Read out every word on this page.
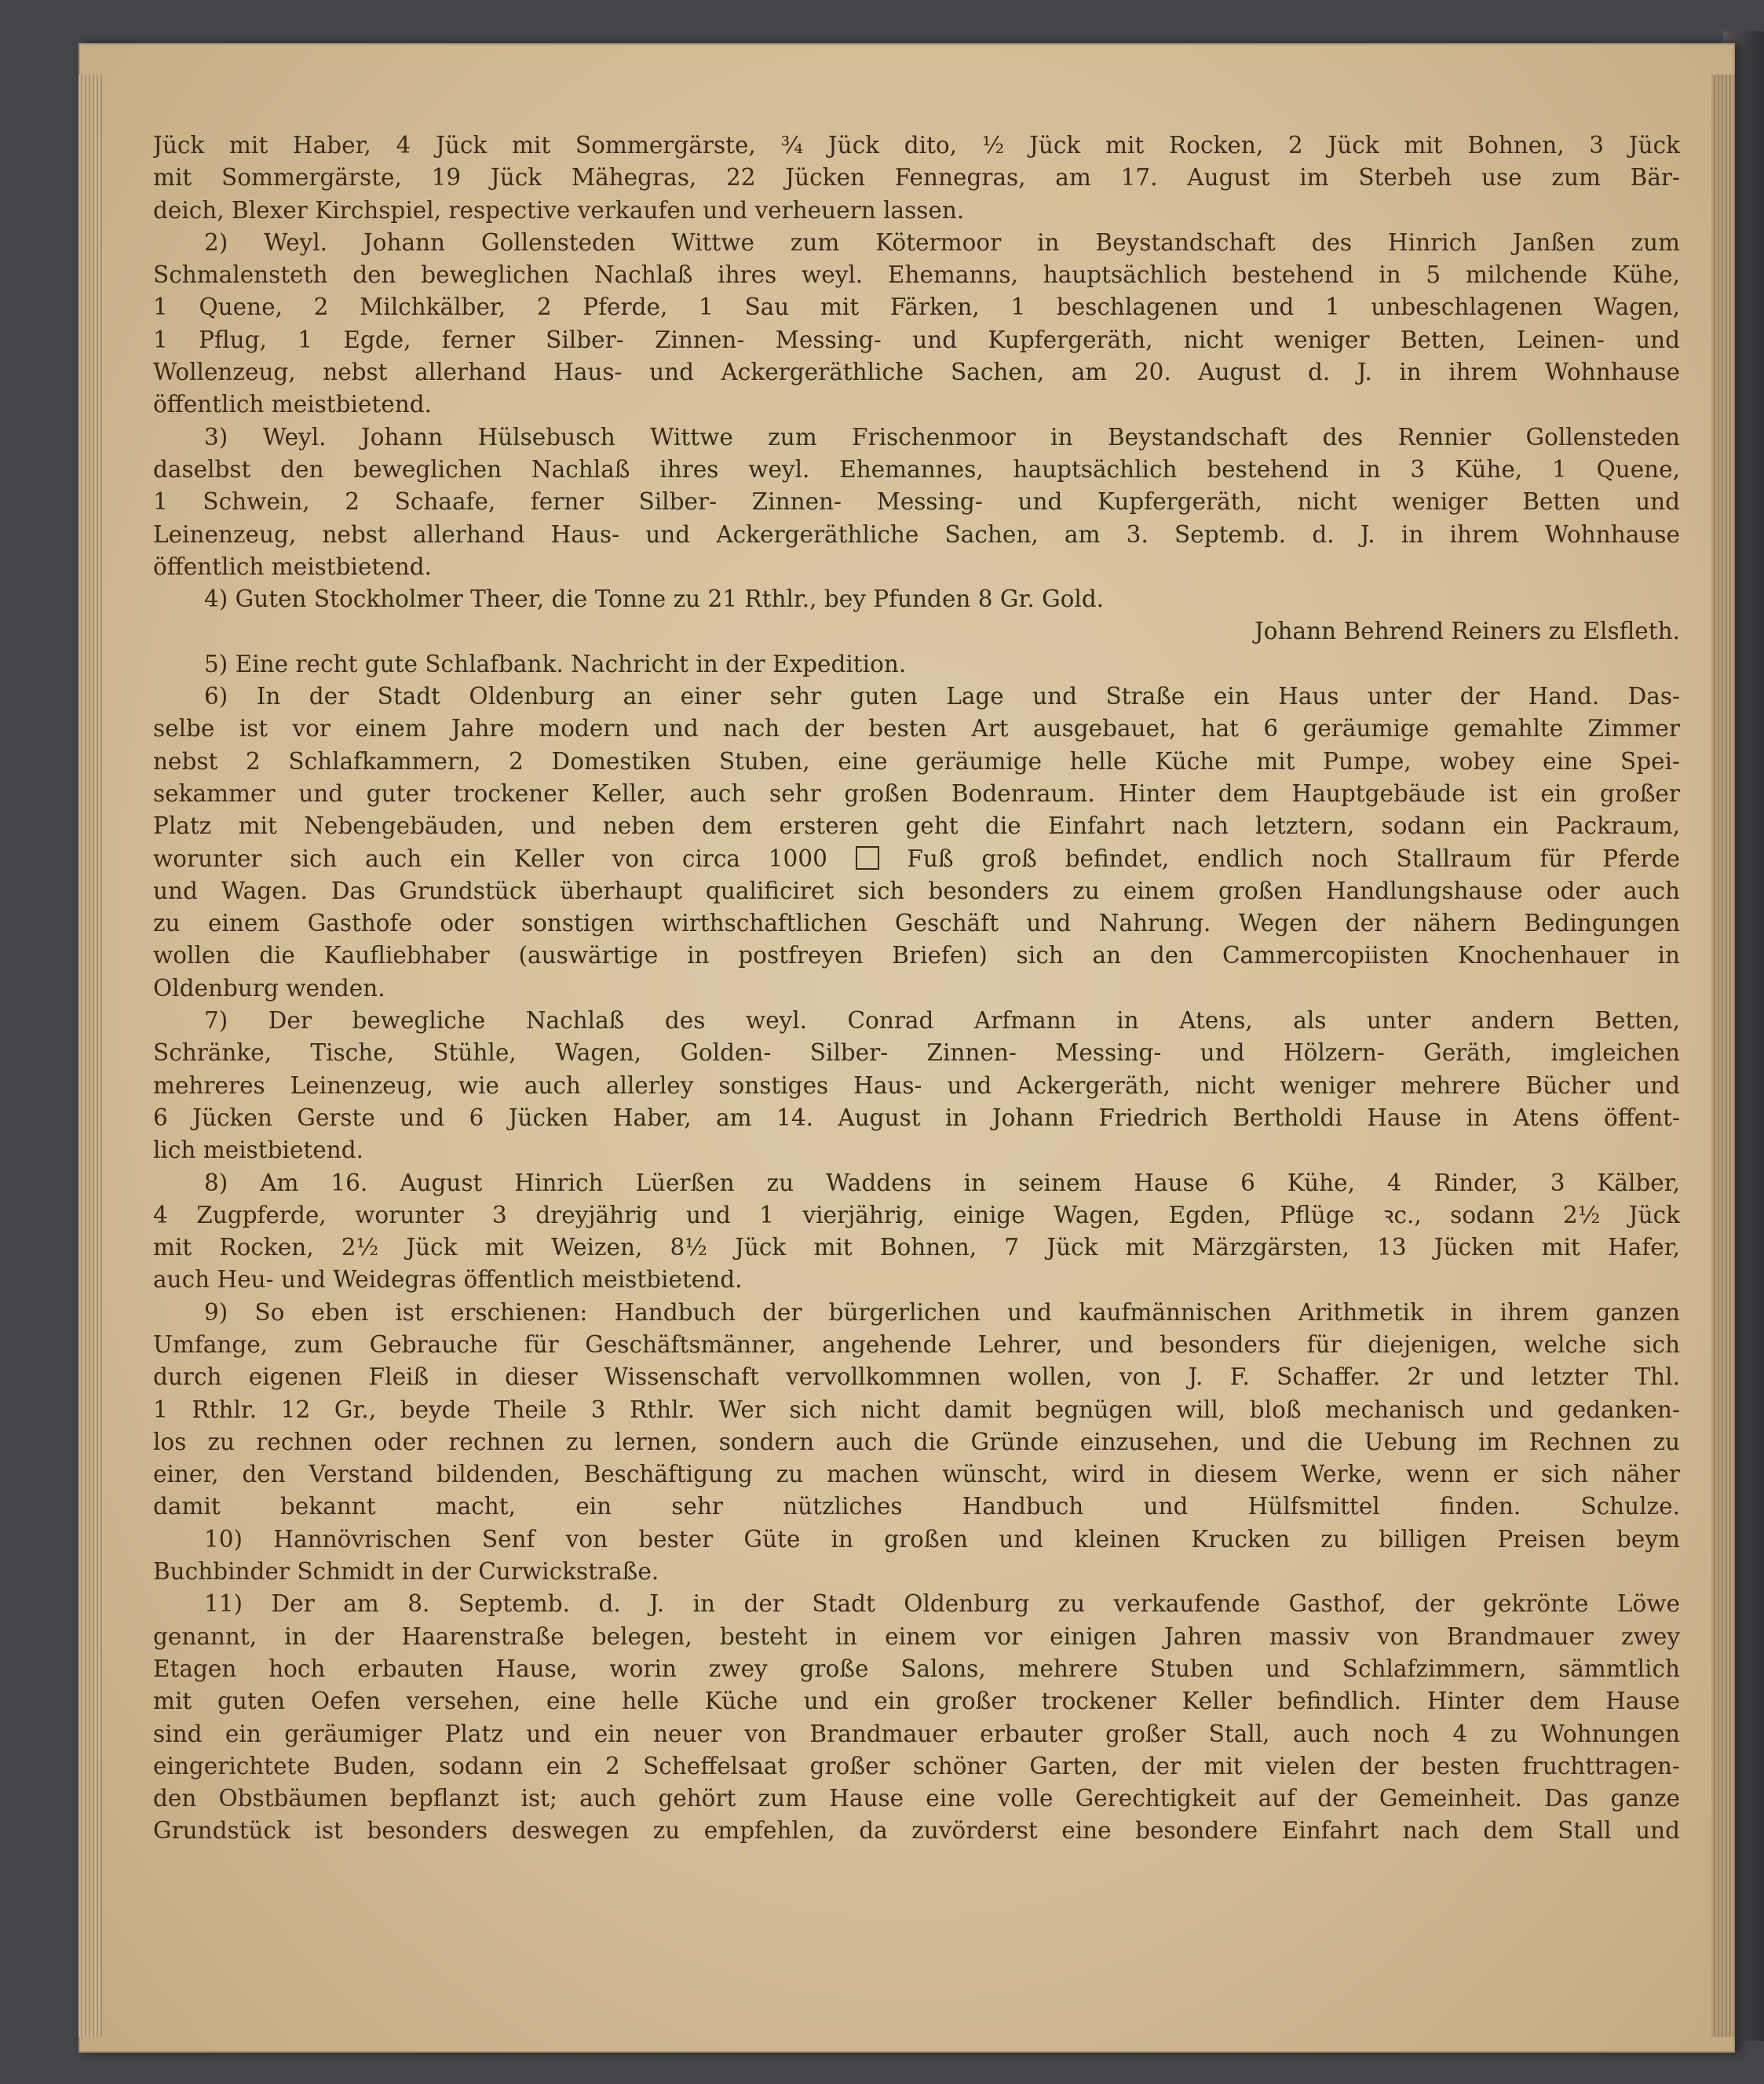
Jück mit Haber, 4 Jück mit Sommergärste, ¾ Jück dito, ½ Jück mit Rocken, 2 Jück mit Bohnen, 3 Jück
mit Sommergärste, 19 Jück Mähegras, 22 Jücken Fennegras, am 17. August im Sterbeh use zum Bär-
deich, Blexer Kirchspiel, respective verkaufen und verheuern lassen.
2) Weyl. Johann Gollensteden Wittwe zum Kötermoor in Beystandschaft des Hinrich Janßen zum
Schmalensteth den beweglichen Nachlaß ihres weyl. Ehemanns, hauptsächlich bestehend in 5 milchende Kühe,
1 Quene, 2 Milchkälber, 2 Pferde, 1 Sau mit Färken, 1 beschlagenen und 1 unbeschlagenen Wagen,
1 Pflug, 1 Egde, ferner Silber- Zinnen- Messing- und Kupfergeräth, nicht weniger Betten, Leinen- und
Wollenzeug, nebst allerhand Haus- und Ackergeräthliche Sachen, am 20. August d. J. in ihrem Wohnhause
öffentlich meistbietend.
3) Weyl. Johann Hülsebusch Wittwe zum Frischenmoor in Beystandschaft des Rennier Gollensteden
daselbst den beweglichen Nachlaß ihres weyl. Ehemannes, hauptsächlich bestehend in 3 Kühe, 1 Quene,
1 Schwein, 2 Schaafe, ferner Silber- Zinnen- Messing- und Kupfergeräth, nicht weniger Betten und
Leinenzeug, nebst allerhand Haus- und Ackergeräthliche Sachen, am 3. Septemb. d. J. in ihrem Wohnhause
öffentlich meistbietend.
4) Guten Stockholmer Theer, die Tonne zu 21 Rthlr., bey Pfunden 8 Gr. Gold.
Johann Behrend Reiners zu Elsfleth.
5) Eine recht gute Schlafbank. Nachricht in der Expedition.
6) In der Stadt Oldenburg an einer sehr guten Lage und Straße ein Haus unter der Hand. Das-
selbe ist vor einem Jahre modern und nach der besten Art ausgebauet, hat 6 geräumige gemahlte Zimmer
nebst 2 Schlafkammern, 2 Domestiken Stuben, eine geräumige helle Küche mit Pumpe, wobey eine Spei-
sekammer und guter trockener Keller, auch sehr großen Bodenraum. Hinter dem Hauptgebäude ist ein großer
Platz mit Nebengebäuden, und neben dem ersteren geht die Einfahrt nach letztern, sodann ein Packraum,
worunter sich auch ein Keller von circa 1000  Fuß groß befindet, endlich noch Stallraum für Pferde
und Wagen. Das Grundstück überhaupt qualificiret sich besonders zu einem großen Handlungshause oder auch
zu einem Gasthofe oder sonstigen wirthschaftlichen Geschäft und Nahrung. Wegen der nähern Bedingungen
wollen die Kaufliebhaber (auswärtige in postfreyen Briefen) sich an den Cammercopiisten Knochenhauer in
Oldenburg wenden.
7) Der bewegliche Nachlaß des weyl. Conrad Arfmann in Atens, als unter andern Betten,
Schränke, Tische, Stühle, Wagen, Golden- Silber- Zinnen- Messing- und Hölzern- Geräth, imgleichen
mehreres Leinenzeug, wie auch allerley sonstiges Haus- und Ackergeräth, nicht weniger mehrere Bücher und
6 Jücken Gerste und 6 Jücken Haber, am 14. August in Johann Friedrich Bertholdi Hause in Atens öffent-
lich meistbietend.
8) Am 16. August Hinrich Lüerßen zu Waddens in seinem Hause 6 Kühe, 4 Rinder, 3 Kälber,
4 Zugpferde, worunter 3 dreyjährig und 1 vierjährig, einige Wagen, Egden, Pflüge ꝛc., sodann 2½ Jück
mit Rocken, 2½ Jück mit Weizen, 8½ Jück mit Bohnen, 7 Jück mit Märzgärsten, 13 Jücken mit Hafer,
auch Heu- und Weidegras öffentlich meistbietend.
9) So eben ist erschienen: Handbuch der bürgerlichen und kaufmännischen Arithmetik in ihrem ganzen
Umfange, zum Gebrauche für Geschäftsmänner, angehende Lehrer, und besonders für diejenigen, welche sich
durch eigenen Fleiß in dieser Wissenschaft vervollkommnen wollen, von J. F. Schaffer. 2r und letzter Thl.
1 Rthlr. 12 Gr., beyde Theile 3 Rthlr. Wer sich nicht damit begnügen will, bloß mechanisch und gedanken-
los zu rechnen oder rechnen zu lernen, sondern auch die Gründe einzusehen, und die Uebung im Rechnen zu
einer, den Verstand bildenden, Beschäftigung zu machen wünscht, wird in diesem Werke, wenn er sich näher
damit bekannt macht, ein sehr nützliches Handbuch und Hülfsmittel finden. Schulze.
10) Hannövrischen Senf von bester Güte in großen und kleinen Krucken zu billigen Preisen beym
Buchbinder Schmidt in der Curwickstraße.
11) Der am 8. Septemb. d. J. in der Stadt Oldenburg zu verkaufende Gasthof, der gekrönte Löwe
genannt, in der Haarenstraße belegen, besteht in einem vor einigen Jahren massiv von Brandmauer zwey
Etagen hoch erbauten Hause, worin zwey große Salons, mehrere Stuben und Schlafzimmern, sämmtlich
mit guten Oefen versehen, eine helle Küche und ein großer trockener Keller befindlich. Hinter dem Hause
sind ein geräumiger Platz und ein neuer von Brandmauer erbauter großer Stall, auch noch 4 zu Wohnungen
eingerichtete Buden, sodann ein 2 Scheffelsaat großer schöner Garten, der mit vielen der besten fruchttragen-
den Obstbäumen bepflanzt ist; auch gehört zum Hause eine volle Gerechtigkeit auf der Gemeinheit. Das ganze
Grundstück ist besonders deswegen zu empfehlen, da zuvörderst eine besondere Einfahrt nach dem Stall und
